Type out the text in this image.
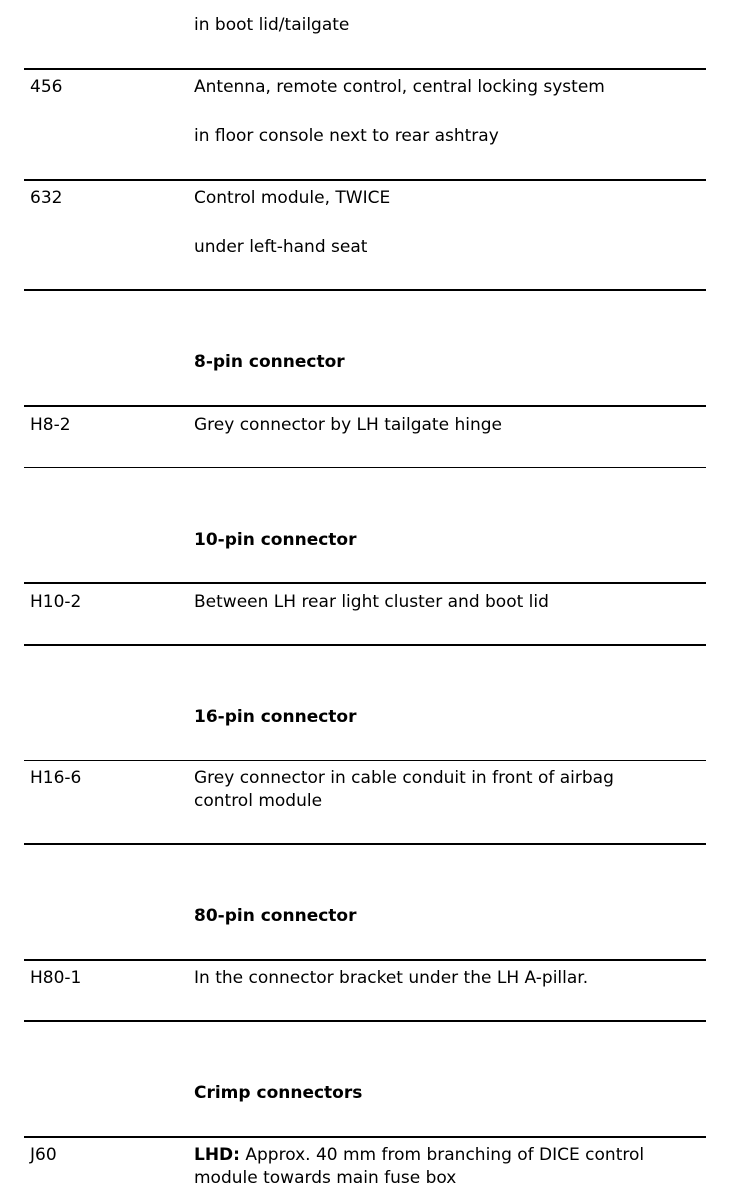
in boot lid/tailgate
456	Antenna, remote control, central locking system
in floor console next to rear ashtray
632	Control module, TWICE
under left-hand seat
8-pin connector
H8-2	Grey connector by LH tailgate hinge
10-pin connector
H10-2	Between LH rear light cluster and boot lid
16-pin connector
H16-6	Grey connector in cable conduit in front of airbag
control module
80-pin connector
H80-1	In the connector bracket under the LH A-pillar.
Crimp connectors
J60	LHD: Approx. 40 mm from branching of DICE control
module towards main fuse box
